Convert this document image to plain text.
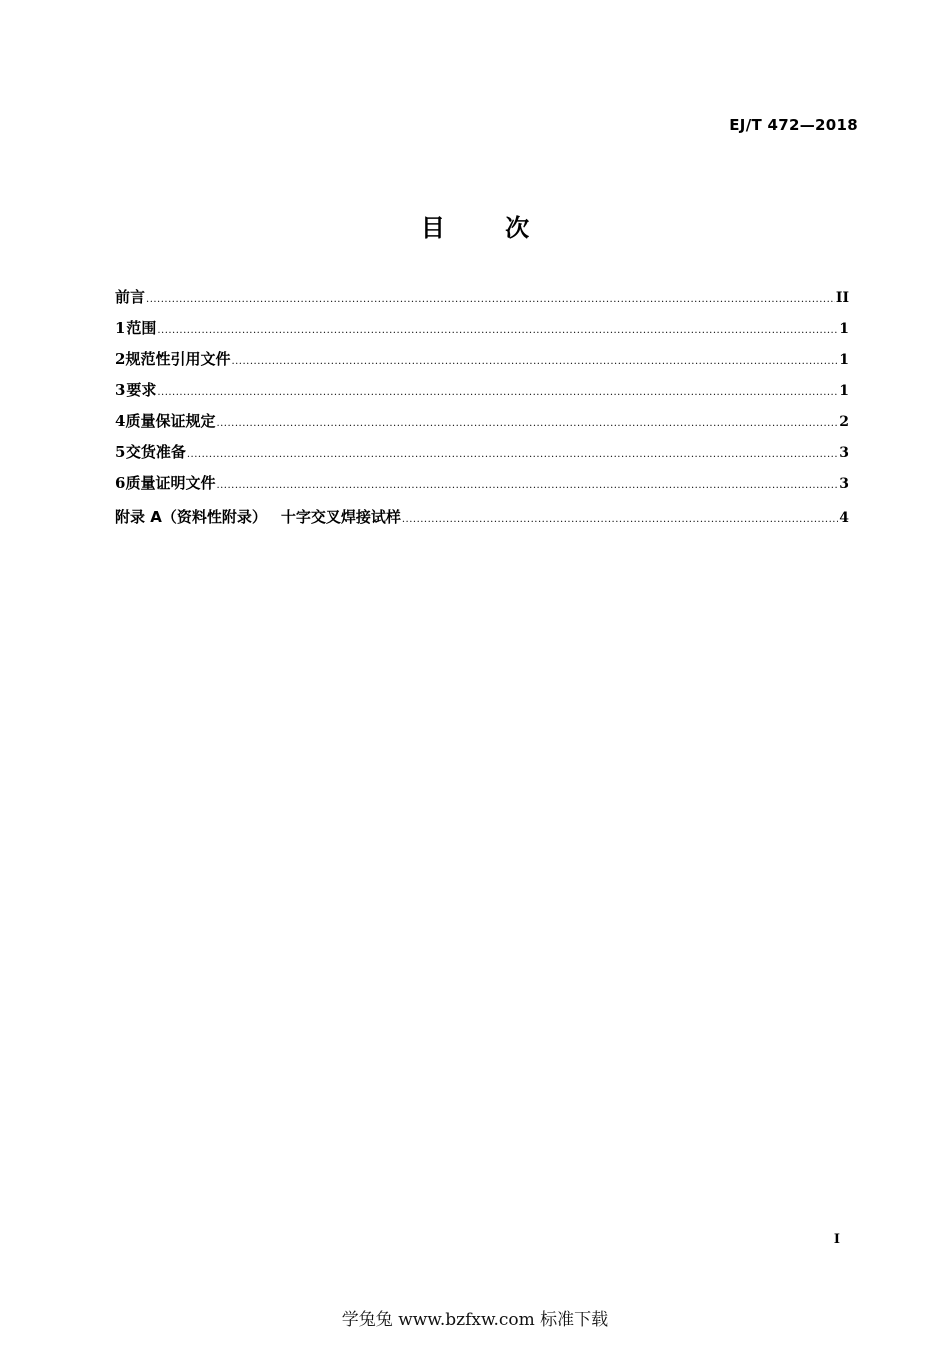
EJ/T 472—2018
目 次
前言 .....	II
1 范围 .....	1
2 规范性引用文件 .....	1
3 要求 .....	1
4 质量保证规定 .....	2
5 交货准备 .....	3
6 质量证明文件 .....	3
附录 A（资料性附录） 十字交叉焊接试样 .....	4
I
学兔兔 www.bzfxw.com 标准下载
